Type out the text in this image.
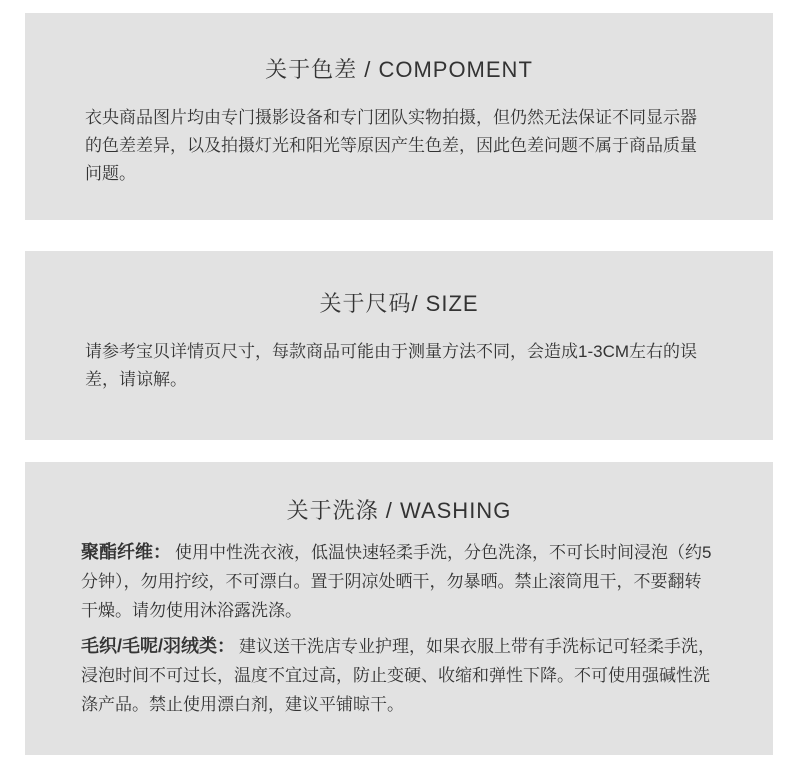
关于色差 / COMPOMENT

衣央商品图片均由专门摄影设备和专门团队实物拍摄，但仍然无法保证不同显示器的色差差异，以及拍摄灯光和阳光等原因产生色差，因此色差问题不属于商品质量问题。

关于尺码/ SIZE

请参考宝贝详情页尺寸，每款商品可能由于测量方法不同，会造成1-3CM左右的误差，请谅解。

关于洗涤 / WASHING

聚酯纤维： 使用中性洗衣液，低温快速轻柔手洗，分色洗涤，不可长时间浸泡（约5分钟），勿用拧绞，不可漂白。置于阴凉处晒干，勿暴晒。禁止滚筒甩干，不要翻转干燥。请勿使用沐浴露洗涤。

毛织/毛呢/羽绒类： 建议送干洗店专业护理，如果衣服上带有手洗标记可轻柔手洗，浸泡时间不可过长，温度不宜过高，防止变硬、收缩和弹性下降。不可使用强碱性洗涤产品。禁止使用漂白剂，建议平铺晾干。
